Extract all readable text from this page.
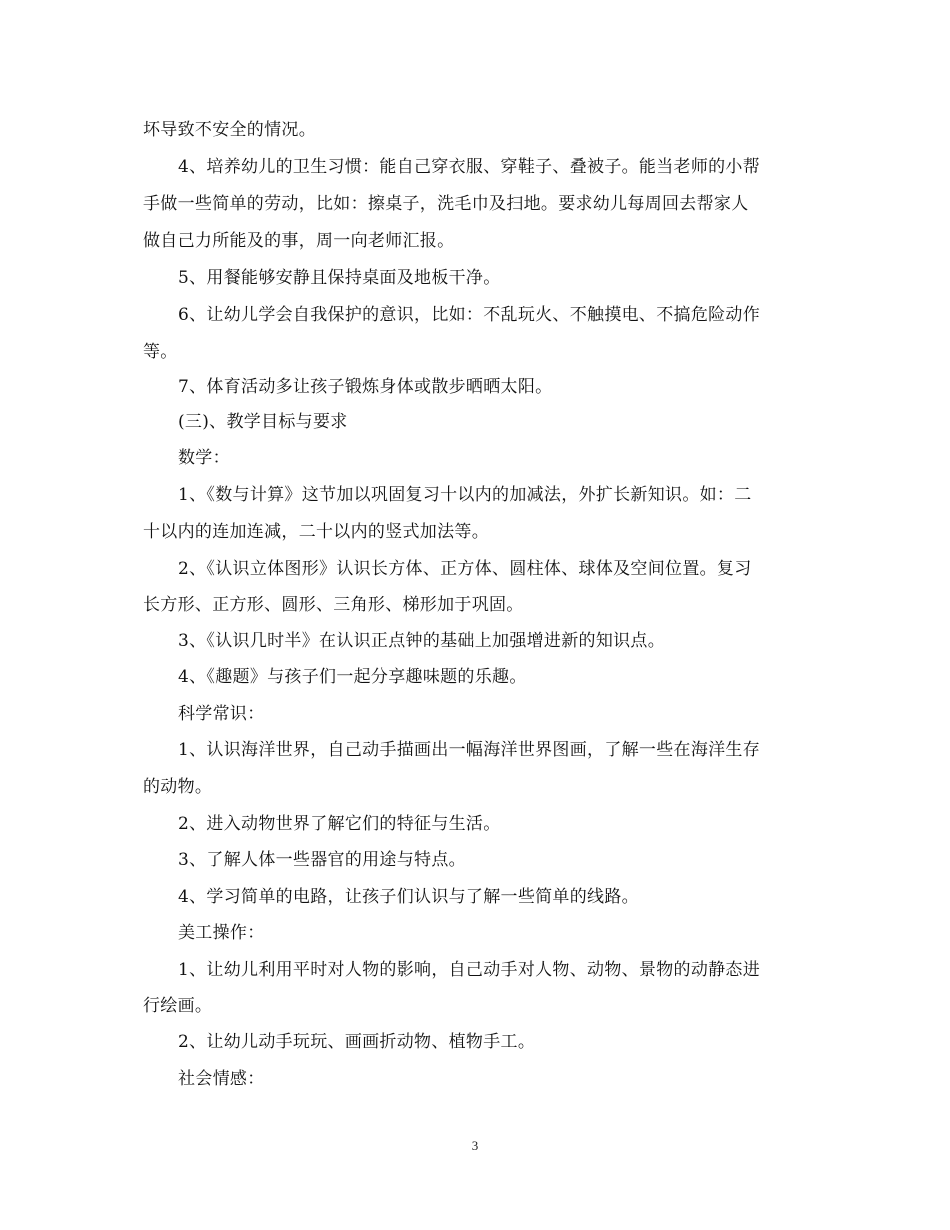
坏导致不安全的情况。
4、培养幼儿的卫生习惯：能自己穿衣服、穿鞋子、叠被子。能当老师的小帮
手做一些简单的劳动，比如：擦桌子，洗毛巾及扫地。要求幼儿每周回去帮家人
做自己力所能及的事，周一向老师汇报。
5、用餐能够安静且保持桌面及地板干净。
6、让幼儿学会自我保护的意识，比如：不乱玩火、不触摸电、不搞危险动作
等。
7、体育活动多让孩子锻炼身体或散步晒晒太阳。
(三)、教学目标与要求
数学：
1、《数与计算》这节加以巩固复习十以内的加减法，外扩长新知识。如：二
十以内的连加连减，二十以内的竖式加法等。
2、《认识立体图形》认识长方体、正方体、圆柱体、球体及空间位置。复习
长方形、正方形、圆形、三角形、梯形加于巩固。
3、《认识几时半》在认识正点钟的基础上加强增进新的知识点。
4、《趣题》与孩子们一起分享趣味题的乐趣。
科学常识：
1、认识海洋世界，自己动手描画出一幅海洋世界图画，了解一些在海洋生存
的动物。
2、进入动物世界了解它们的特征与生活。
3、了解人体一些器官的用途与特点。
4、学习简单的电路，让孩子们认识与了解一些简单的线路。
美工操作：
1、让幼儿利用平时对人物的影响，自己动手对人物、动物、景物的动静态进
行绘画。
2、让幼儿动手玩玩、画画折动物、植物手工。
社会情感：
3
